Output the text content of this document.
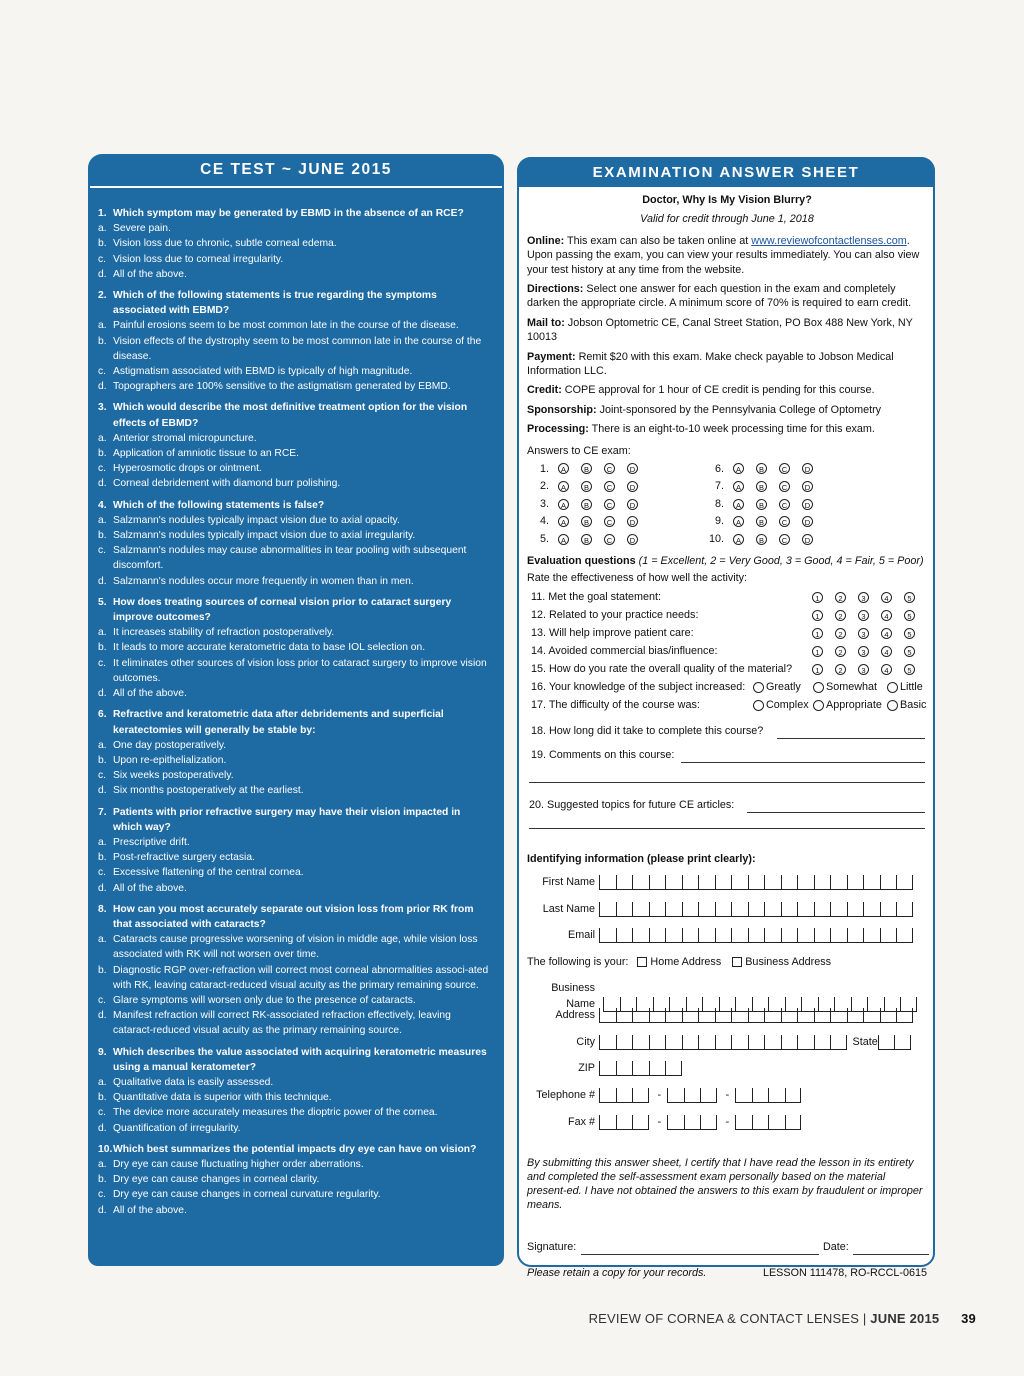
CE TEST ~ JUNE 2015
1. Which symptom may be generated by EBMD in the absence of an RCE?
a. Severe pain.
b. Vision loss due to chronic, subtle corneal edema.
c. Vision loss due to corneal irregularity.
d. All of the above.
2. Which of the following statements is true regarding the symptoms associated with EBMD?
a. Painful erosions seem to be most common late in the course of the disease.
b. Vision effects of the dystrophy seem to be most common late in the course of the disease.
c. Astigmatism associated with EBMD is typically of high magnitude.
d. Topographers are 100% sensitive to the astigmatism generated by EBMD.
3. Which would describe the most definitive treatment option for the vision effects of EBMD?
a. Anterior stromal micropuncture.
b. Application of amniotic tissue to an RCE.
c. Hyperosmotic drops or ointment.
d. Corneal debridement with diamond burr polishing.
4. Which of the following statements is false?
a. Salzmann's nodules typically impact vision due to axial opacity.
b. Salzmann's nodules typically impact vision due to axial irregularity.
c. Salzmann's nodules may cause abnormalities in tear pooling with subsequent discomfort.
d. Salzmann's nodules occur more frequently in women than in men.
5. How does treating sources of corneal vision prior to cataract surgery improve outcomes?
a. It increases stability of refraction postoperatively.
b. It leads to more accurate keratometric data to base IOL selection on.
c. It eliminates other sources of vision loss prior to cataract surgery to improve vision outcomes.
d. All of the above.
6. Refractive and keratometric data after debridements and superficial keratectomies will generally be stable by:
a. One day postoperatively.
b. Upon re-epithelialization.
c. Six weeks postoperatively.
d. Six months postoperatively at the earliest.
7. Patients with prior refractive surgery may have their vision impacted in which way?
a. Prescriptive drift.
b. Post-refractive surgery ectasia.
c. Excessive flattening of the central cornea.
d. All of the above.
8. How can you most accurately separate out vision loss from prior RK from that associated with cataracts?
a. Cataracts cause progressive worsening of vision in middle age, while vision loss associated with RK will not worsen over time.
b. Diagnostic RGP over-refraction will correct most corneal abnormalities associ-ated with RK, leaving cataract-reduced visual acuity as the primary remaining source.
c. Glare symptoms will worsen only due to the presence of cataracts.
d. Manifest refraction will correct RK-associated refraction effectively, leaving cataract-reduced visual acuity as the primary remaining source.
9. Which describes the value associated with acquiring keratometric measures using a manual keratometer?
a. Qualitative data is easily assessed.
b. Quantitative data is superior with this technique.
c. The device more accurately measures the dioptric power of the cornea.
d. Quantification of irregularity.
10. Which best summarizes the potential impacts dry eye can have on vision?
a. Dry eye can cause fluctuating higher order aberrations.
b. Dry eye can cause changes in corneal clarity.
c. Dry eye can cause changes in corneal curvature regularity.
d. All of the above.
EXAMINATION ANSWER SHEET
Doctor, Why Is My Vision Blurry?
Valid for credit through June 1, 2018
Online: This exam can also be taken online at www.reviewofcontactlenses.com. Upon passing the exam, you can view your results immediately. You can also view your test history at any time from the website.
Directions: Select one answer for each question in the exam and completely darken the appropriate circle. A minimum score of 70% is required to earn credit.
Mail to: Jobson Optometric CE, Canal Street Station, PO Box 488 New York, NY 10013
Payment: Remit $20 with this exam. Make check payable to Jobson Medical Information LLC.
Credit: COPE approval for 1 hour of CE credit is pending for this course.
Sponsorship: Joint-sponsored by the Pennsylvania College of Optometry
Processing: There is an eight-to-10 week processing time for this exam.
Answers to CE exam:
1.	A	B	C	D	6.	A	B	C	D
2.	A	B	C	D	7.	A	B	C	D
3.	A	B	C	D	8.	A	B	C	D
4.	A	B	C	D	9.	A	B	C	D
5.	A	B	C	D	10.	A	B	C	D
Evaluation questions (1 = Excellent, 2 = Very Good, 3 = Good, 4 = Fair, 5 = Poor)
Rate the effectiveness of how well the activity:
11. Met the goal statement:	1	2	3	4	5
12. Related to your practice needs:	1	2	3	4	5
13. Will help improve patient care:	1	2	3	4	5
14. Avoided commercial bias/influence:	1	2	3	4	5
15. How do you rate the overall quality of the material?	1	2	3	4	5
16. Your knowledge of the subject increased:	Greatly	Somewhat	Little
17. The difficulty of the course was:	Complex	Appropriate	Basic
18. How long did it take to complete this course?
19. Comments on this course:
20. Suggested topics for future CE articles:
Identifying information (please print clearly):
First Name
Last Name
Email
The following is your: Home Address Business Address
Business Name
Address
City	State
ZIP
Telephone #	-	-
Fax #	-	-
By submitting this answer sheet, I certify that I have read the lesson in its entirety and completed the self-assessment exam personally based on the material present-ed. I have not obtained the answers to this exam by fraudulent or improper means.
Signature:	Date:
Please retain a copy for your records.	LESSON 111478, RO-RCCL-0615
REVIEW OF CORNEA & CONTACT LENSES | JUNE 2015 39
